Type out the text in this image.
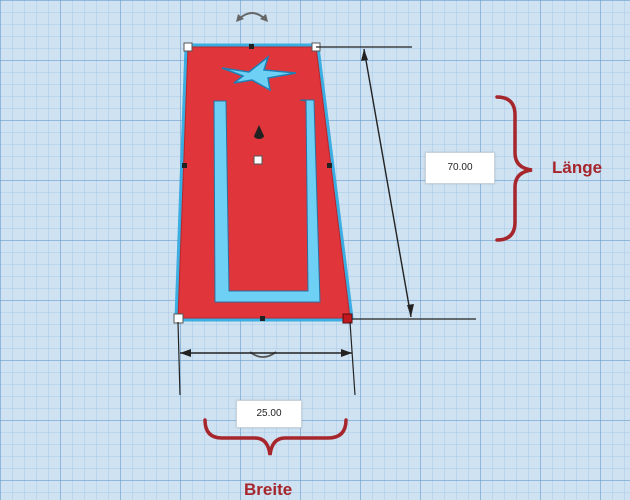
70.00
25.00
Länge
Breite
